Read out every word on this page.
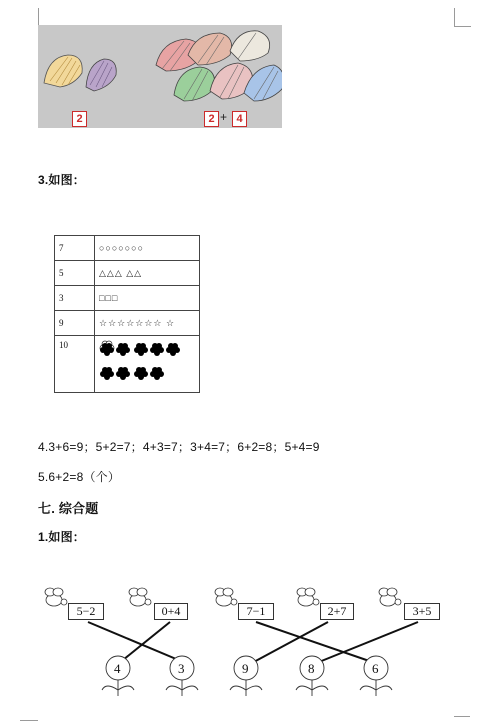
2	2 + 4
3.如图：
7	○○○○○○○
5	△△△ △△
3	□□□
9	☆☆☆☆☆☆☆ ☆
10	
4.3+6=9；5+2=7；4+3=7；3+4=7；6+2=8；5+4=9
5.6+2=8（个）
七. 综合题
1.如图：
5−2	0+4	7−1	2+7	3+5
4	3	9	8	6
